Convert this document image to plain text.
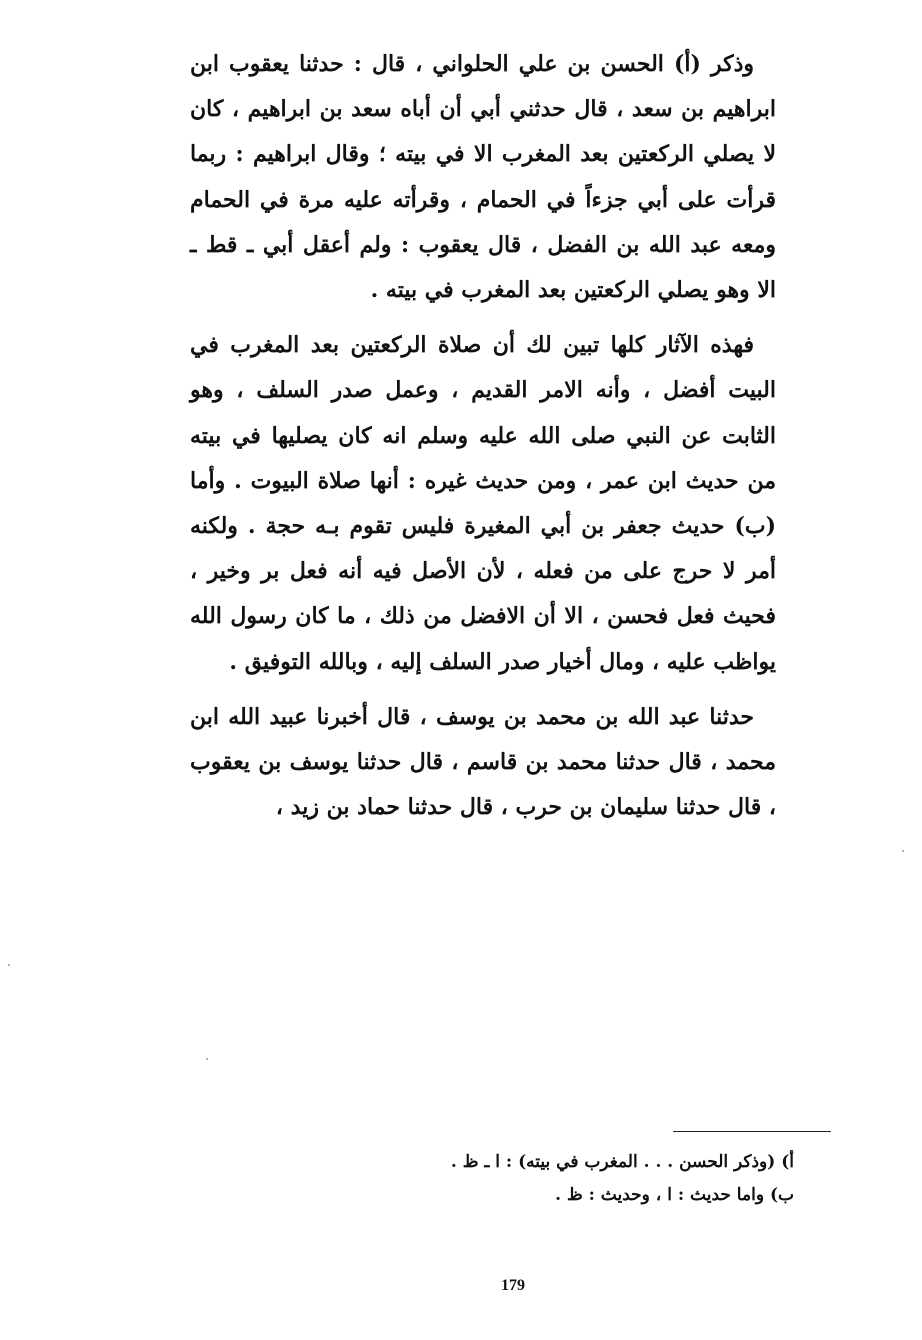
وذكر (أ) الحسن بن علي الحلواني ، قال : حدثنا يعقوب ابن ابراهيم بن سعد ، قال حدثني أبي أن أباه سعد بن ابراهيم ، كان لا يصلي الركعتين بعد المغرب الا في بيته ؛ وقال ابراهيم : ربما قرأت على أبي جزءاً في الحمام ، وقرأته عليه مرة في الحمام ومعه عبد الله بن الفضل ، قال يعقوب : ولم أعقل أبي ـ قط ـ الا وهو يصلي الركعتين بعد المغرب في بيته .

فهذه الآثار كلها تبين لك أن صلاة الركعتين بعد المغرب في البيت أفضل ، وأنه الامر القديم ، وعمل صدر السلف ، وهو الثابت عن النبي صلى الله عليه وسلم انه كان يصليها في بيته من حديث ابن عمر ، ومن حديث غيره : أنها صلاة البيوت . وأما (ب) حديث جعفر بن أبي المغيرة فليس تقوم بـه حجة . ولكنه أمر لا حرج على من فعله ، لأن الأصل فيه أنه فعل بر وخير ، فحيث فعل فحسن ، الا أن الافضل من ذلك ، ما كان رسول الله يواظب عليه ، ومال أخيار صدر السلف إليه ، وبالله التوفيق .

حدثنا عبد الله بن محمد بن يوسف ، قال أخبرنا عبيد الله ابن محمد ، قال حدثنا محمد بن قاسم ، قال حدثنا يوسف بن يعقوب ، قال حدثنا سليمان بن حرب ، قال حدثنا حماد بن زيد ،

أ) (وذكر الحسن . . . المغرب في بيته) : ا ـ ظ .

ب) واما حديث : ا ، وحديث : ظ .

179
